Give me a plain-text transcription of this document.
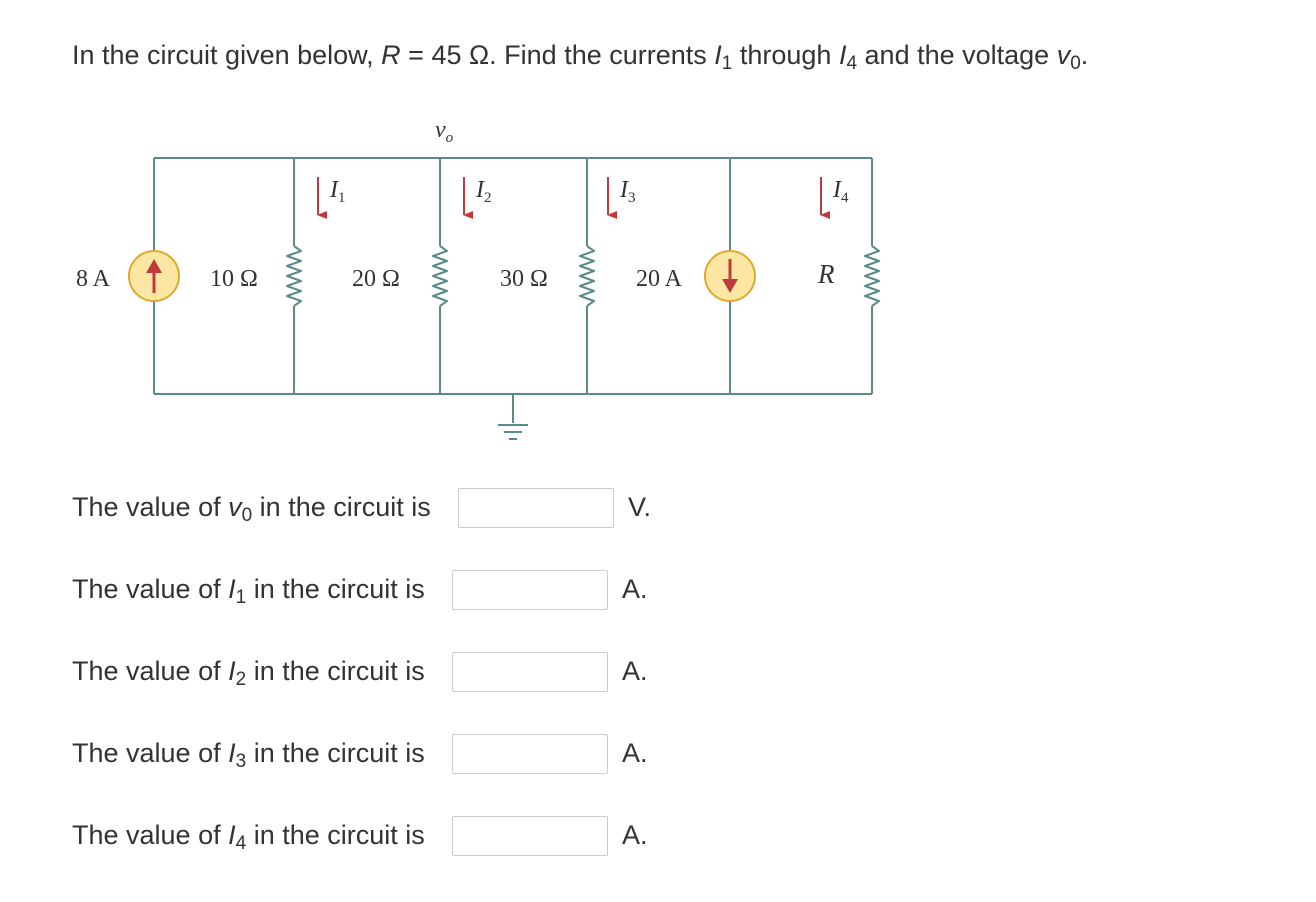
In the circuit given below, R = 45 Ω. Find the currents $I_1$ through $I_4$ and the voltage $v_0$.
$v_o$
8 A	10 Ω	20 Ω	30 Ω	20 A	R
$I_1$	$I_2$	$I_3$	$I_4$
The value of $v_0$ in the circuit is	V.
The value of $I_1$ in the circuit is	A.
The value of $I_2$ in the circuit is	A.
The value of $I_3$ in the circuit is	A.
The value of $I_4$ in the circuit is	A.
